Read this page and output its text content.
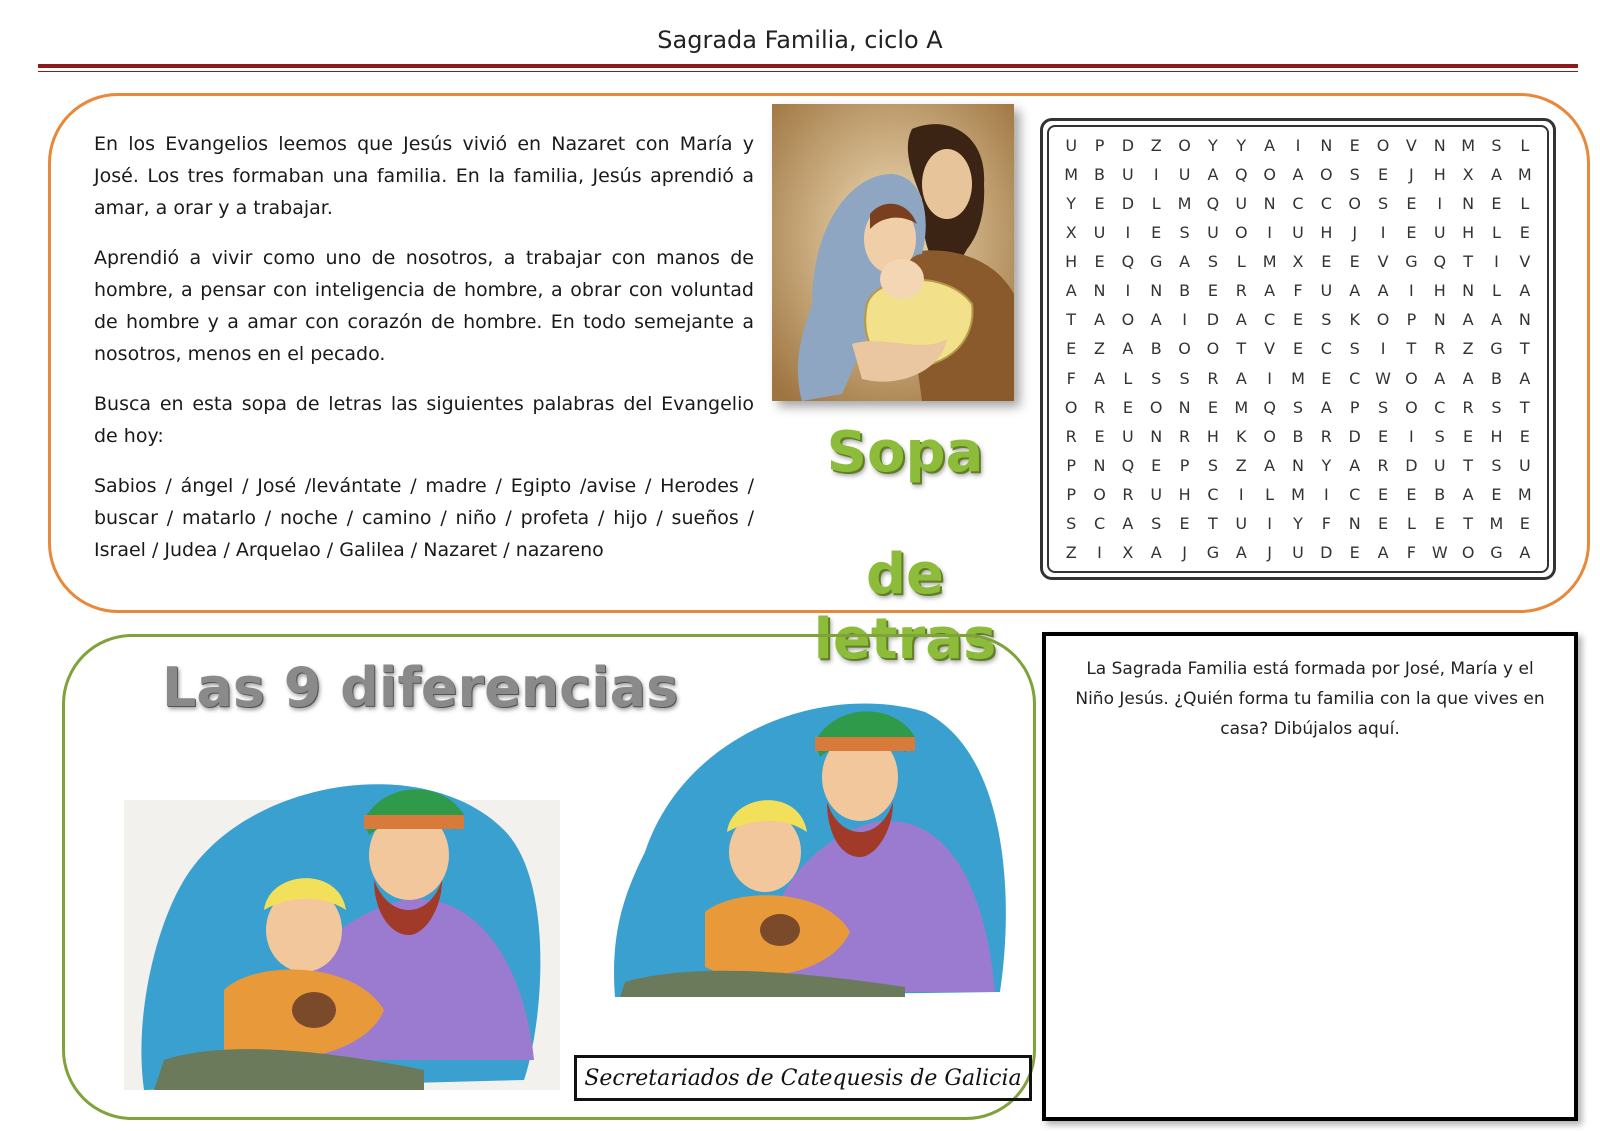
Sagrada Familia, ciclo A

En los Evangelios leemos que Jesús vivió en Nazaret con María y José. Los tres formaban una familia. En la familia, Jesús aprendió a amar, a orar y a trabajar.

Aprendió a vivir como uno de nosotros, a trabajar con manos de hombre, a pensar con inteligencia de hombre, a obrar con voluntad de hombre y a amar con corazón de hombre. En todo semejante a nosotros, menos en el pecado.

Busca en esta sopa de letras las siguientes palabras del Evangelio de hoy:

Sabios / ángel / José /levántate / madre / Egipto /avise / Herodes / buscar / matarlo / noche / camino / niño / profeta / hijo / sueños / Israel / Judea / Arquelao / Galilea / Nazaret / nazareno

Sopa
de letras
U	P	D	Z	O	Y	Y	A	I	N	E	O	V	N M	S	L
M B	U	I	U	A	Q O	A	O	S	E	J	H	X	A M
Y	E	D	L	M Q	U	N	C	C	O	S	E	I	N	E	L
X	U	I	E	S	U	O	I	U	H	J	I	E	U	H	L	E
H	E	Q G	A	S	L	M X	E	E	V	G Q	T	I	V
A	N	I	N	B	E	R	A	F	U	A	A	I	H	N	L	A
T	A	O	A	I	D	A	C	E	S	K	O	P	N	A	A	N
E	Z	A	B	O O	T	V	E	C	S	I	T	R	Z	G	T
F	A	L	S	S	R	A	I	M	E	C W O	A	A	B	A
O	R	E	O	N	E	M Q	S	A	P	S	O	C	R	S	T
R	E	U	N	R	H	K	O	B	R	D	E	I	S	E	H	E
P	N	Q	E	P	S	Z	A	N	Y	A	R	D	U	T	S	U
P	O	R	U	H	C	I	L	M	I	C	E	E	B	A	E	M
S	C	A	S	E	T	U	I	Y	F	N	E	L	E	T	M	E
Z	I	X	A	J	G	A	J	U	D	E	A	F W O G	A
Las 9 diferencias
Secretariados de Catequesis de Galicia

La Sagrada Familia está formada por José, María y el Niño Jesús. ¿Quién forma tu familia con la que vives en casa? Dibújalos aquí.
